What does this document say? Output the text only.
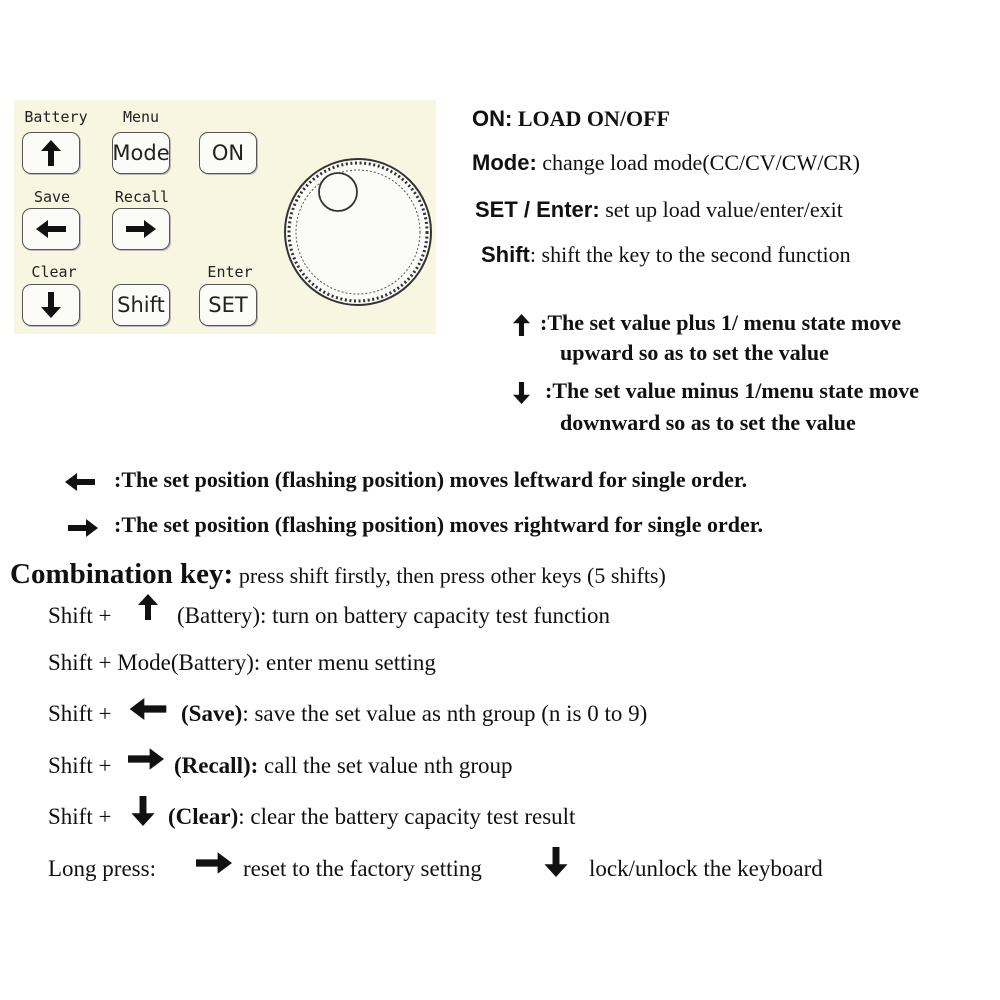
Battery	Menu
Mode	ON
Save	Recall
Clear	Enter
Shift	SET
ON: LOAD ON/OFF
Mode: change load mode(CC/CV/CW/CR)
SET / Enter: set up load value/enter/exit
Shift: shift the key to the second function
:The set value plus 1/ menu state move
upward so as to set the value
:The set value minus 1/menu state move
downward so as to set the value
:The set position (flashing position) moves leftward for single order.
:The set position (flashing position) moves rightward for single order.
Combination key: press shift firstly, then press other keys (5 shifts)
Shift +	(Battery): turn on battery capacity test function
Shift + Mode(Battery): enter menu setting
Shift +	(Save): save the set value as nth group (n is 0 to 9)
Shift +	(Recall): call the set value nth group
Shift + (Clear): clear the battery capacity test result
Long press:	reset to the factory setting	lock/unlock the keyboard
